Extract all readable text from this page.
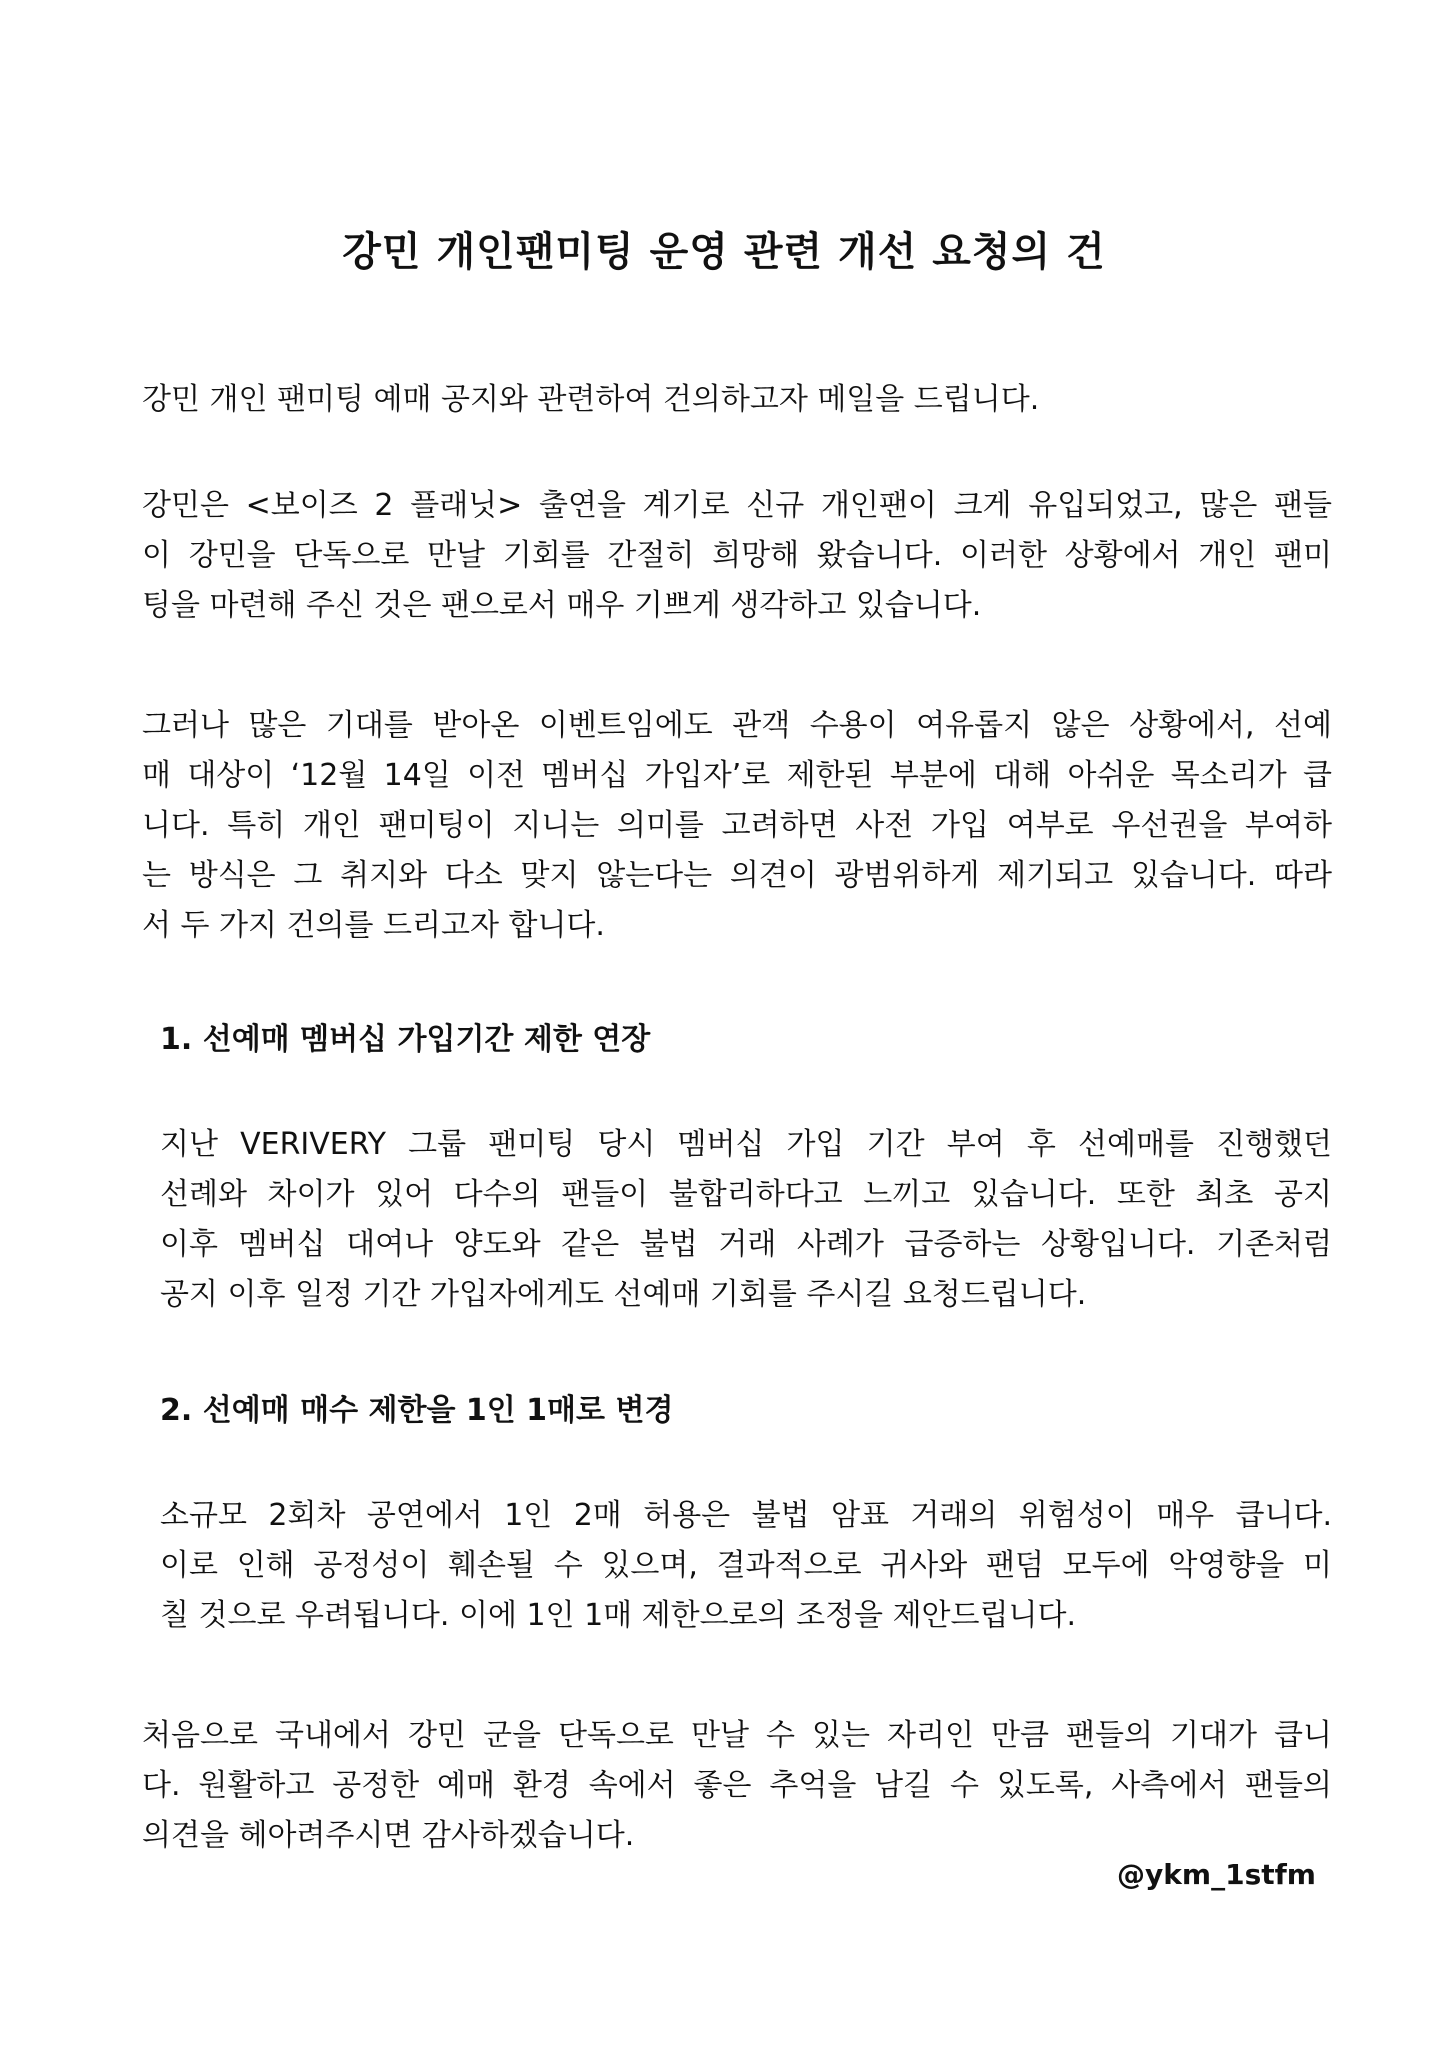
강민 개인팬미팅 운영 관련 개선 요청의 건

강민 개인 팬미팅 예매 공지와 관련하여 건의하고자 메일을 드립니다.

강민은 <보이즈 2 플래닛> 출연을 계기로 신규 개인팬이 크게 유입되었고, 많은 팬들
이 강민을 단독으로 만날 기회를 간절히 희망해 왔습니다. 이러한 상황에서 개인 팬미
팅을 마련해 주신 것은 팬으로서 매우 기쁘게 생각하고 있습니다.

그러나 많은 기대를 받아온 이벤트임에도 관객 수용이 여유롭지 않은 상황에서, 선예
매 대상이 ‘12월 14일 이전 멤버십 가입자’로 제한된 부분에 대해 아쉬운 목소리가 큽
니다. 특히 개인 팬미팅이 지니는 의미를 고려하면 사전 가입 여부로 우선권을 부여하
는 방식은 그 취지와 다소 맞지 않는다는 의견이 광범위하게 제기되고 있습니다. 따라
서 두 가지 건의를 드리고자 합니다.

1. 선예매 멤버십 가입기간 제한 연장

지난 VERIVERY 그룹 팬미팅 당시 멤버십 가입 기간 부여 후 선예매를 진행했던
선례와 차이가 있어 다수의 팬들이 불합리하다고 느끼고 있습니다. 또한 최초 공지
이후 멤버십 대여나 양도와 같은 불법 거래 사례가 급증하는 상황입니다. 기존처럼
공지 이후 일정 기간 가입자에게도 선예매 기회를 주시길 요청드립니다.

2. 선예매 매수 제한을 1인 1매로 변경

소규모 2회차 공연에서 1인 2매 허용은 불법 암표 거래의 위험성이 매우 큽니다.
이로 인해 공정성이 훼손될 수 있으며, 결과적으로 귀사와 팬덤 모두에 악영향을 미
칠 것으로 우려됩니다. 이에 1인 1매 제한으로의 조정을 제안드립니다.

처음으로 국내에서 강민 군을 단독으로 만날 수 있는 자리인 만큼 팬들의 기대가 큽니
다. 원활하고 공정한 예매 환경 속에서 좋은 추억을 남길 수 있도록, 사측에서 팬들의
의견을 헤아려주시면 감사하겠습니다.

@ykm_1stfm
